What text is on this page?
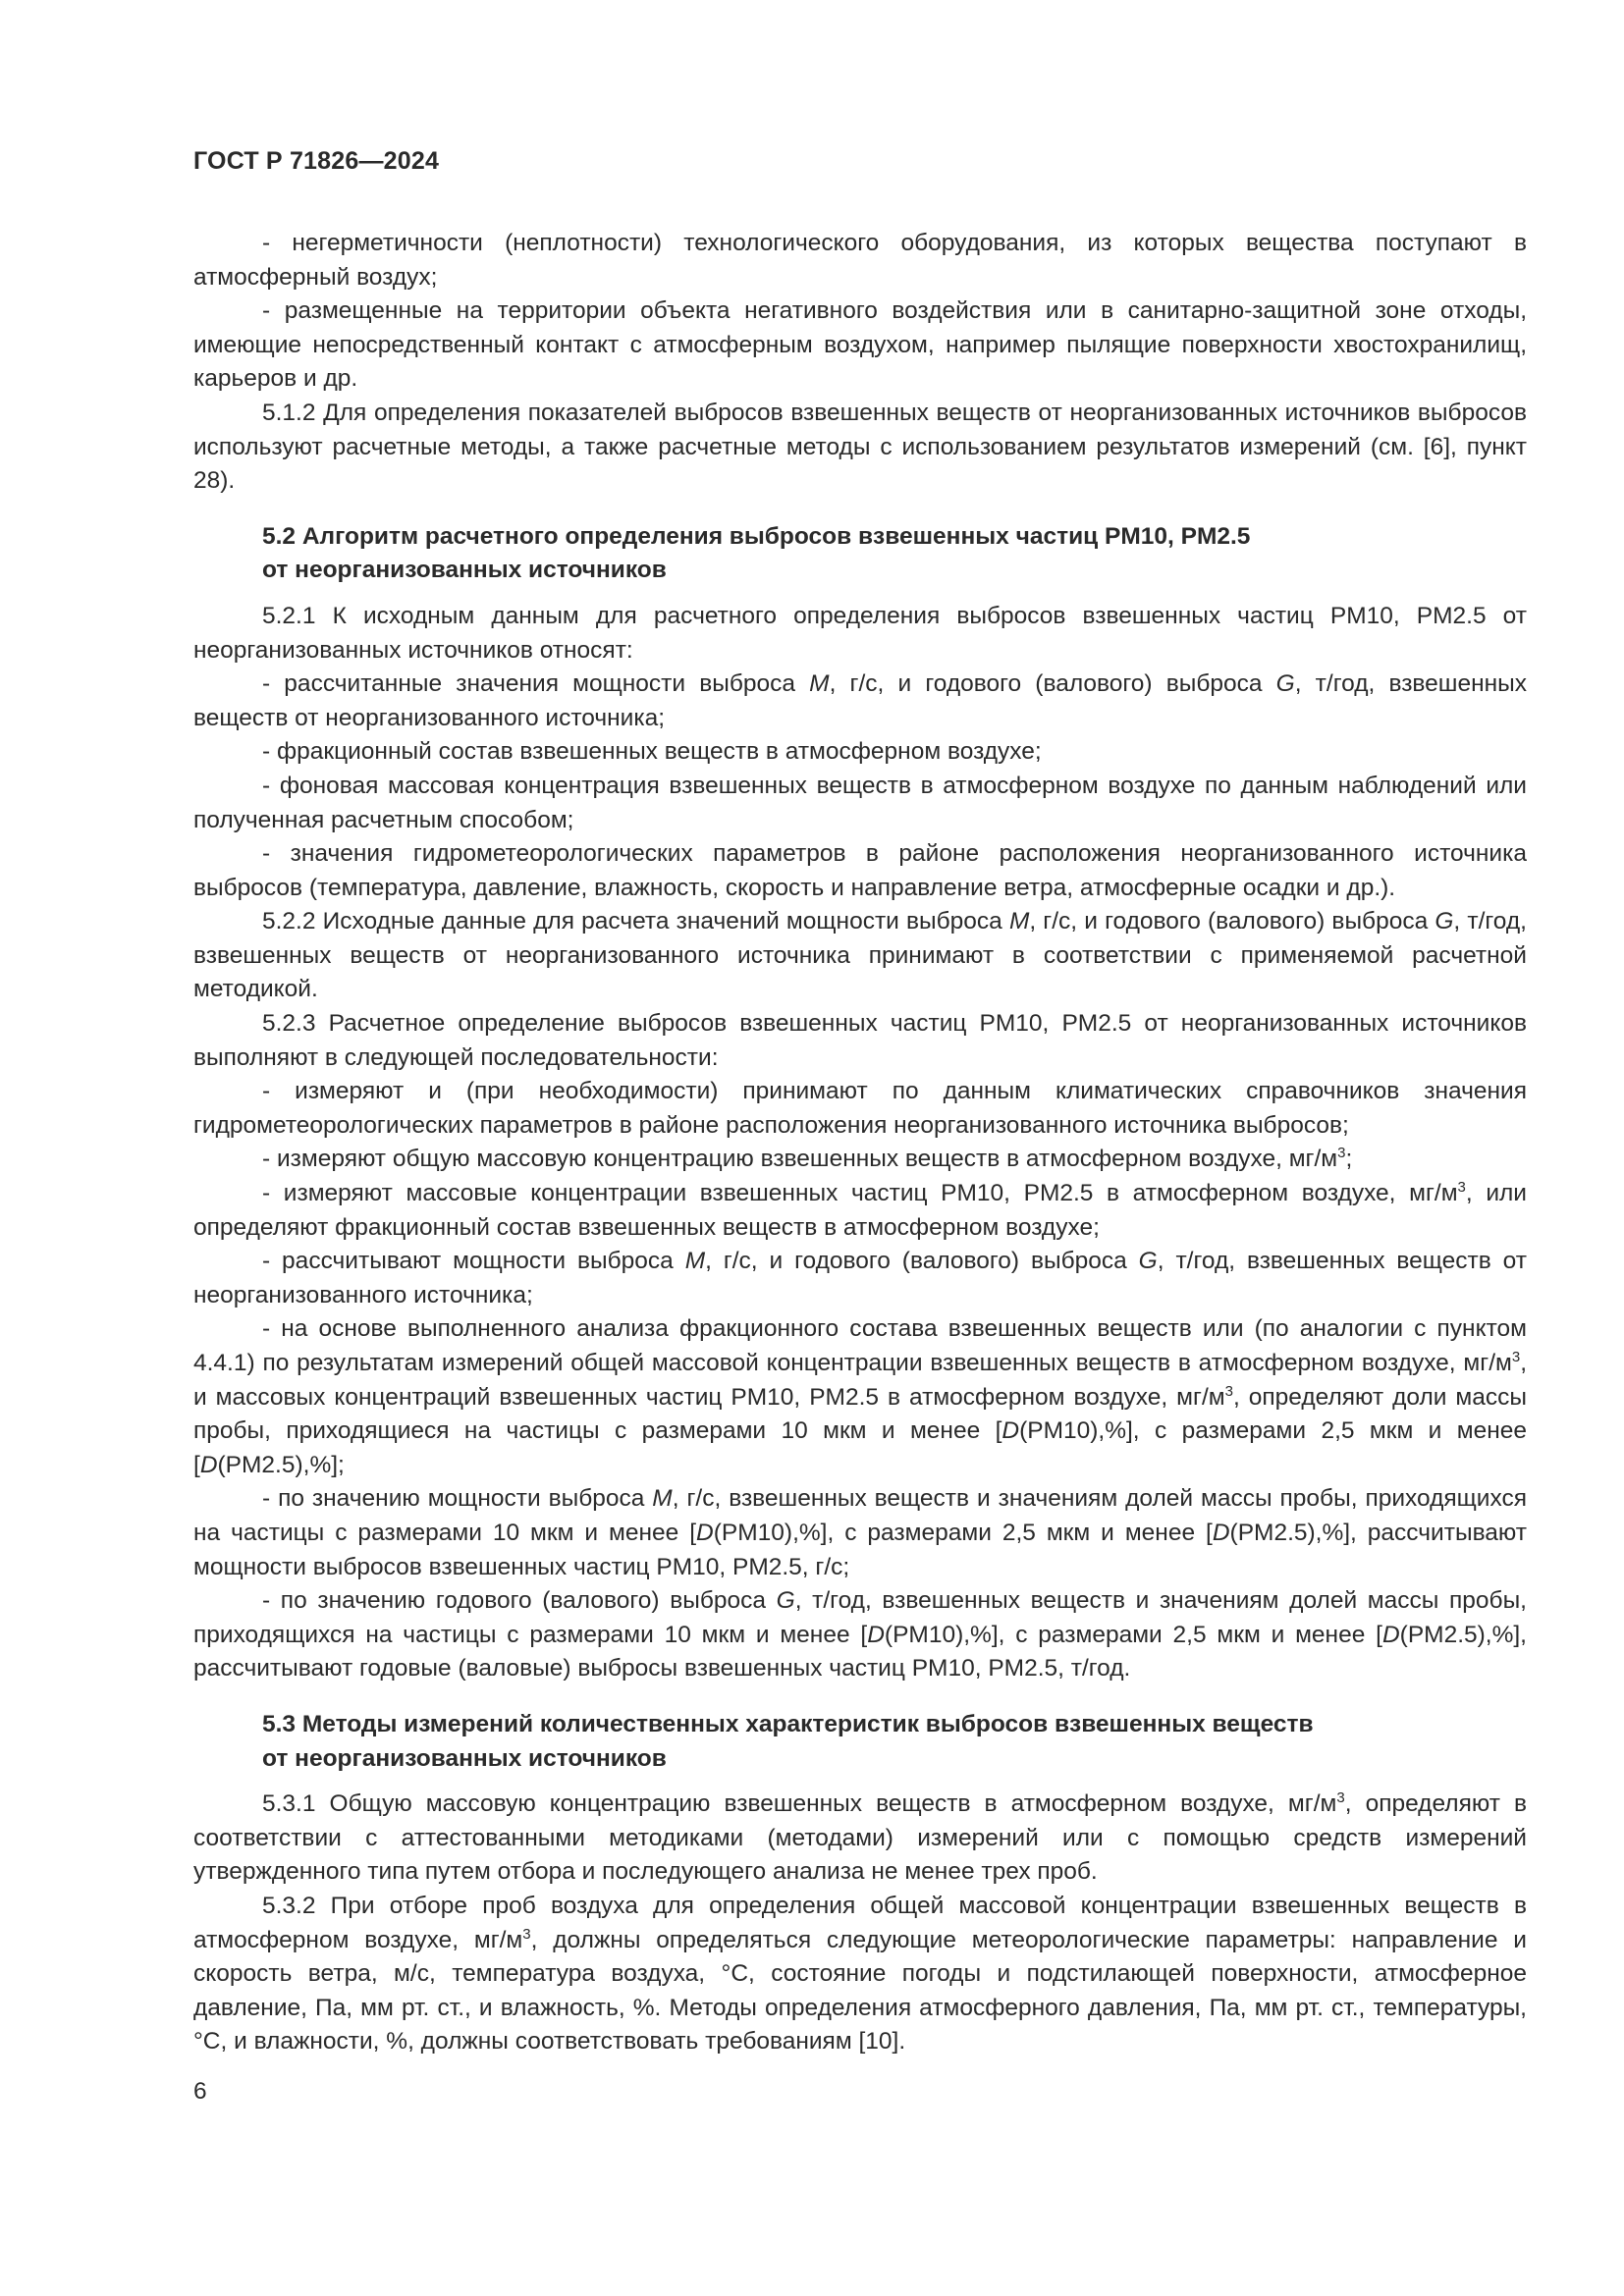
ГОСТ Р 71826—2024

- негерметичности (неплотности) технологического оборудования, из которых вещества поступают в атмосферный воздух;

- размещенные на территории объекта негативного воздействия или в санитарно-защитной зоне отходы, имеющие непосредственный контакт с атмосферным воздухом, например пылящие поверхности хвостохранилищ, карьеров и др.

5.1.2 Для определения показателей выбросов взвешенных веществ от неорганизованных источников выбросов используют расчетные методы, а также расчетные методы с использованием результатов измерений (см. [6], пункт 28).

5.2 Алгоритм расчетного определения выбросов взвешенных частиц PM10, PM2.5
от неорганизованных источников

5.2.1 К исходным данным для расчетного определения выбросов взвешенных частиц PM10, PM2.5 от неорганизованных источников относят:

- рассчитанные значения мощности выброса M, г/с, и годового (валового) выброса G, т/год, взвешенных веществ от неорганизованного источника;

- фракционный состав взвешенных веществ в атмосферном воздухе;

- фоновая массовая концентрация взвешенных веществ в атмосферном воздухе по данным наблюдений или полученная расчетным способом;

- значения гидрометеорологических параметров в районе расположения неорганизованного источника выбросов (температура, давление, влажность, скорость и направление ветра, атмосферные осадки и др.).

5.2.2 Исходные данные для расчета значений мощности выброса M, г/с, и годового (валового) выброса G, т/год, взвешенных веществ от неорганизованного источника принимают в соответствии с применяемой расчетной методикой.

5.2.3 Расчетное определение выбросов взвешенных частиц PM10, PM2.5 от неорганизованных источников выполняют в следующей последовательности:

- измеряют и (при необходимости) принимают по данным климатических справочников значения гидрометеорологических параметров в районе расположения неорганизованного источника выбросов;

- измеряют общую массовую концентрацию взвешенных веществ в атмосферном воздухе, $мг/м^3$;

- измеряют массовые концентрации взвешенных частиц PM10, PM2.5 в атмосферном воздухе, $мг/м^3$, или определяют фракционный состав взвешенных веществ в атмосферном воздухе;

- рассчитывают мощности выброса M, г/с, и годового (валового) выброса G, т/год, взвешенных веществ от неорганизованного источника;

- на основе выполненного анализа фракционного состава взвешенных веществ или (по аналогии с пунктом 4.4.1) по результатам измерений общей массовой концентрации взвешенных веществ в атмосферном воздухе, $мг/м^3$, и массовых концентраций взвешенных частиц PM10, PM2.5 в атмосферном воздухе, $мг/м^3$, определяют доли массы пробы, приходящиеся на частицы с размерами 10 мкм и менее [D(PM10),%], с размерами 2,5 мкм и менее [D(PM2.5),%];

- по значению мощности выброса M, г/с, взвешенных веществ и значениям долей массы пробы, приходящихся на частицы с размерами 10 мкм и менее [D(PM10),%], с размерами 2,5 мкм и менее [D(PM2.5),%], рассчитывают мощности выбросов взвешенных частиц PM10, PM2.5, г/с;

- по значению годового (валового) выброса G, т/год, взвешенных веществ и значениям долей массы пробы, приходящихся на частицы с размерами 10 мкм и менее [D(PM10),%], с размерами 2,5 мкм и менее [D(PM2.5),%], рассчитывают годовые (валовые) выбросы взвешенных частиц PM10, PM2.5, т/год.

5.3 Методы измерений количественных характеристик выбросов взвешенных веществ
от неорганизованных источников

5.3.1 Общую массовую концентрацию взвешенных веществ в атмосферном воздухе, $мг/м^3$, определяют в соответствии с аттестованными методиками (методами) измерений или с помощью средств измерений утвержденного типа путем отбора и последующего анализа не менее трех проб.

5.3.2 При отборе проб воздуха для определения общей массовой концентрации взвешенных веществ в атмосферном воздухе, $мг/м^3$, должны определяться следующие метеорологические параметры: направление и скорость ветра, м/с, температура воздуха, °С, состояние погоды и подстилающей поверхности, атмосферное давление, Па, мм рт. ст., и влажность, %. Методы определения атмосферного давления, Па, мм рт. ст., температуры, °С, и влажности, %, должны соответствовать требованиям [10].

6
